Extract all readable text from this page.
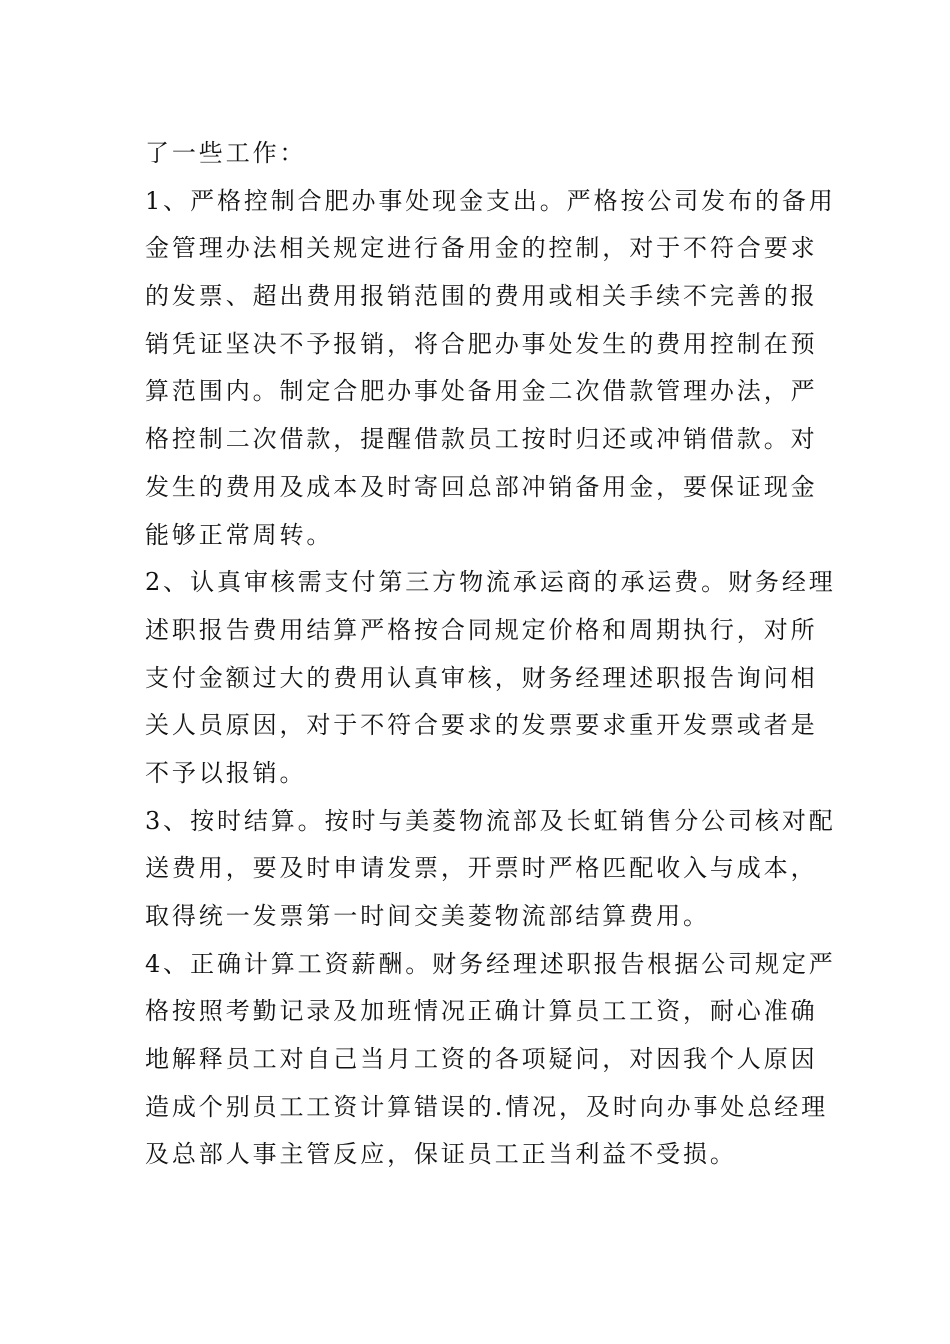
了一些工作：
1、严格控制合肥办事处现金支出。严格按公司发布的备用
金管理办法相关规定进行备用金的控制，对于不符合要求
的发票、超出费用报销范围的费用或相关手续不完善的报
销凭证坚决不予报销，将合肥办事处发生的费用控制在预
算范围内。制定合肥办事处备用金二次借款管理办法，严
格控制二次借款，提醒借款员工按时归还或冲销借款。对
发生的费用及成本及时寄回总部冲销备用金，要保证现金
能够正常周转。
2、认真审核需支付第三方物流承运商的承运费。财务经理
述职报告费用结算严格按合同规定价格和周期执行，对所
支付金额过大的费用认真审核，财务经理述职报告询问相
关人员原因，对于不符合要求的发票要求重开发票或者是
不予以报销。
3、按时结算。按时与美菱物流部及长虹销售分公司核对配
送费用，要及时申请发票，开票时严格匹配收入与成本，
取得统一发票第一时间交美菱物流部结算费用。
4、正确计算工资薪酬。财务经理述职报告根据公司规定严
格按照考勤记录及加班情况正确计算员工工资，耐心准确
地解释员工对自己当月工资的各项疑问，对因我个人原因
造成个别员工工资计算错误的.情况，及时向办事处总经理
及总部人事主管反应，保证员工正当利益不受损。
